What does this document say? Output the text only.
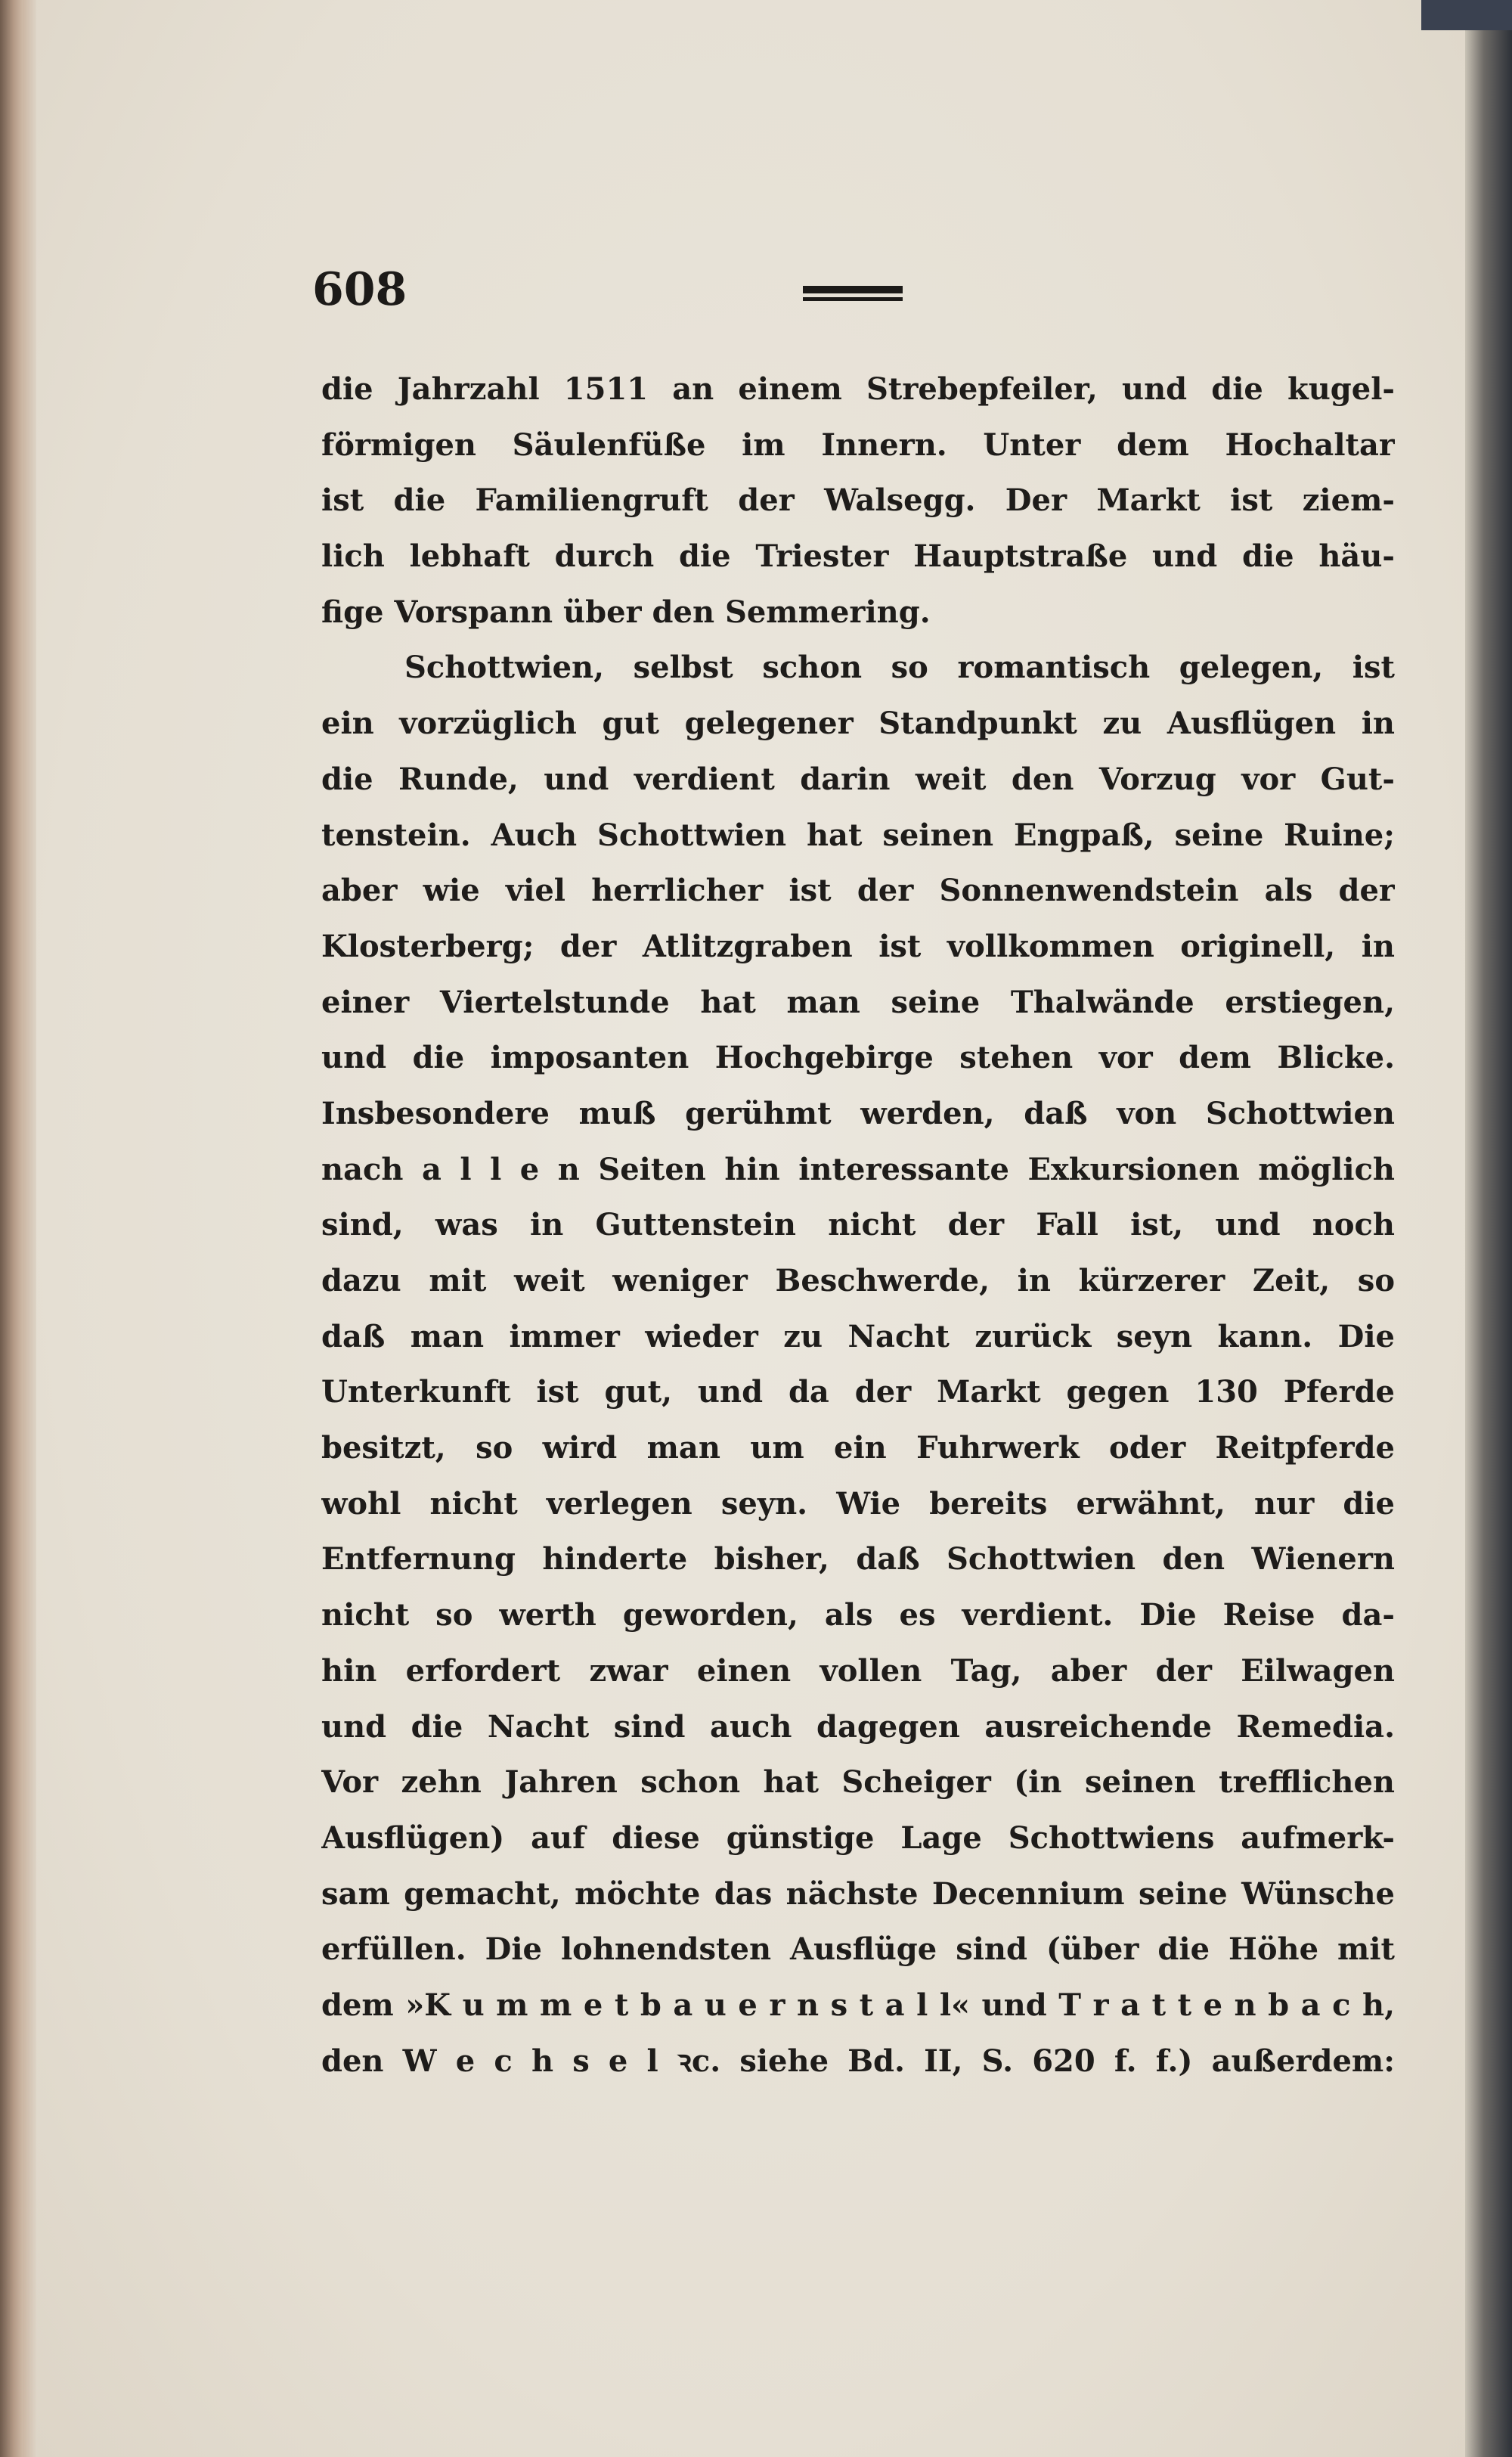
608
die Jahrzahl 1511 an einem Strebepfeiler, und die kugel-
förmigen Säulenfüße im Innern. Unter dem Hochaltar
ist die Familiengruft der Walsegg. Der Markt ist ziem-
lich lebhaft durch die Triester Hauptstraße und die häu-
fige Vorspann über den Semmering.
Schottwien, selbst schon so romantisch gelegen, ist
ein vorzüglich gut gelegener Standpunkt zu Ausflügen in
die Runde, und verdient darin weit den Vorzug vor Gut-
tenstein. Auch Schottwien hat seinen Engpaß, seine Ruine;
aber wie viel herrlicher ist der Sonnenwendstein als der
Klosterberg; der Atlitzgraben ist vollkommen originell, in
einer Viertelstunde hat man seine Thalwände erstiegen,
und die imposanten Hochgebirge stehen vor dem Blicke.
Insbesondere muß gerühmt werden, daß von Schottwien
nach a l l e n Seiten hin interessante Exkursionen möglich
sind, was in Guttenstein nicht der Fall ist, und noch
dazu mit weit weniger Beschwerde, in kürzerer Zeit, so
daß man immer wieder zu Nacht zurück seyn kann. Die
Unterkunft ist gut, und da der Markt gegen 130 Pferde
besitzt, so wird man um ein Fuhrwerk oder Reitpferde
wohl nicht verlegen seyn. Wie bereits erwähnt, nur die
Entfernung hinderte bisher, daß Schottwien den Wienern
nicht so werth geworden, als es verdient. Die Reise da-
hin erfordert zwar einen vollen Tag, aber der Eilwagen
und die Nacht sind auch dagegen ausreichende Remedia.
Vor zehn Jahren schon hat Scheiger (in seinen trefflichen
Ausflügen) auf diese günstige Lage Schottwiens aufmerk-
sam gemacht, möchte das nächste Decennium seine Wünsche
erfüllen. Die lohnendsten Ausflüge sind (über die Höhe mit
dem »K u m m e t b a u e r n s t a l l« und T r a t t e n b a c h,
den W e c h s e l ꝛc. siehe Bd. II, S. 620 f. f.) außerdem:
